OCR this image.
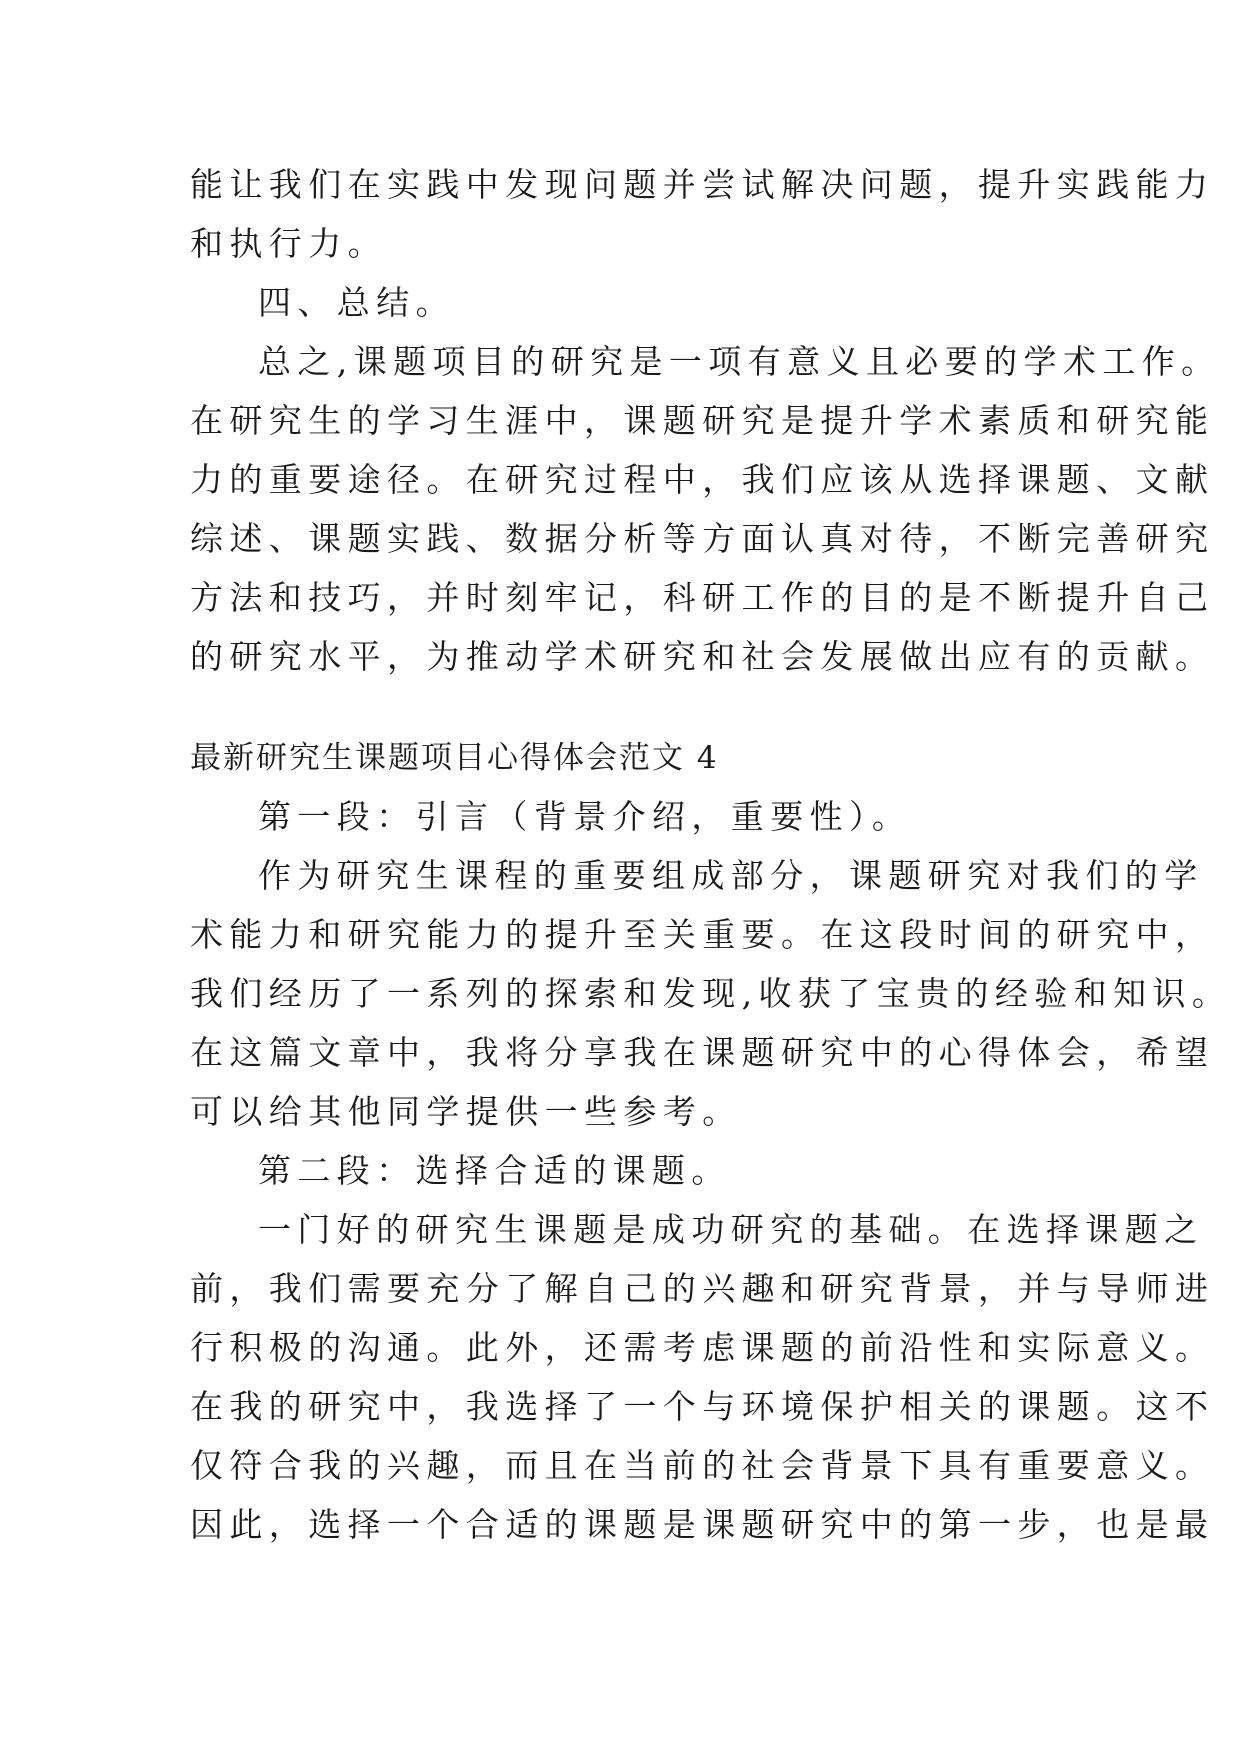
能让我们在实践中发现问题并尝试解决问题，提升实践能力
和执行力。
四、总结。
总之,课题项目的研究是一项有意义且必要的学术工作。
在研究生的学习生涯中，课题研究是提升学术素质和研究能
力的重要途径。在研究过程中，我们应该从选择课题、文献
综述、课题实践、数据分析等方面认真对待，不断完善研究
方法和技巧，并时刻牢记，科研工作的目的是不断提升自己
的研究水平，为推动学术研究和社会发展做出应有的贡献。
最新研究生课题项目心得体会范文 4
第一段：引言（背景介绍，重要性）。
作为研究生课程的重要组成部分，课题研究对我们的学
术能力和研究能力的提升至关重要。在这段时间的研究中，
我们经历了一系列的探索和发现,收获了宝贵的经验和知识。
在这篇文章中，我将分享我在课题研究中的心得体会，希望
可以给其他同学提供一些参考。
第二段：选择合适的课题。
一门好的研究生课题是成功研究的基础。在选择课题之
前，我们需要充分了解自己的兴趣和研究背景，并与导师进
行积极的沟通。此外，还需考虑课题的前沿性和实际意义。
在我的研究中，我选择了一个与环境保护相关的课题。这不
仅符合我的兴趣，而且在当前的社会背景下具有重要意义。
因此，选择一个合适的课题是课题研究中的第一步，也是最
